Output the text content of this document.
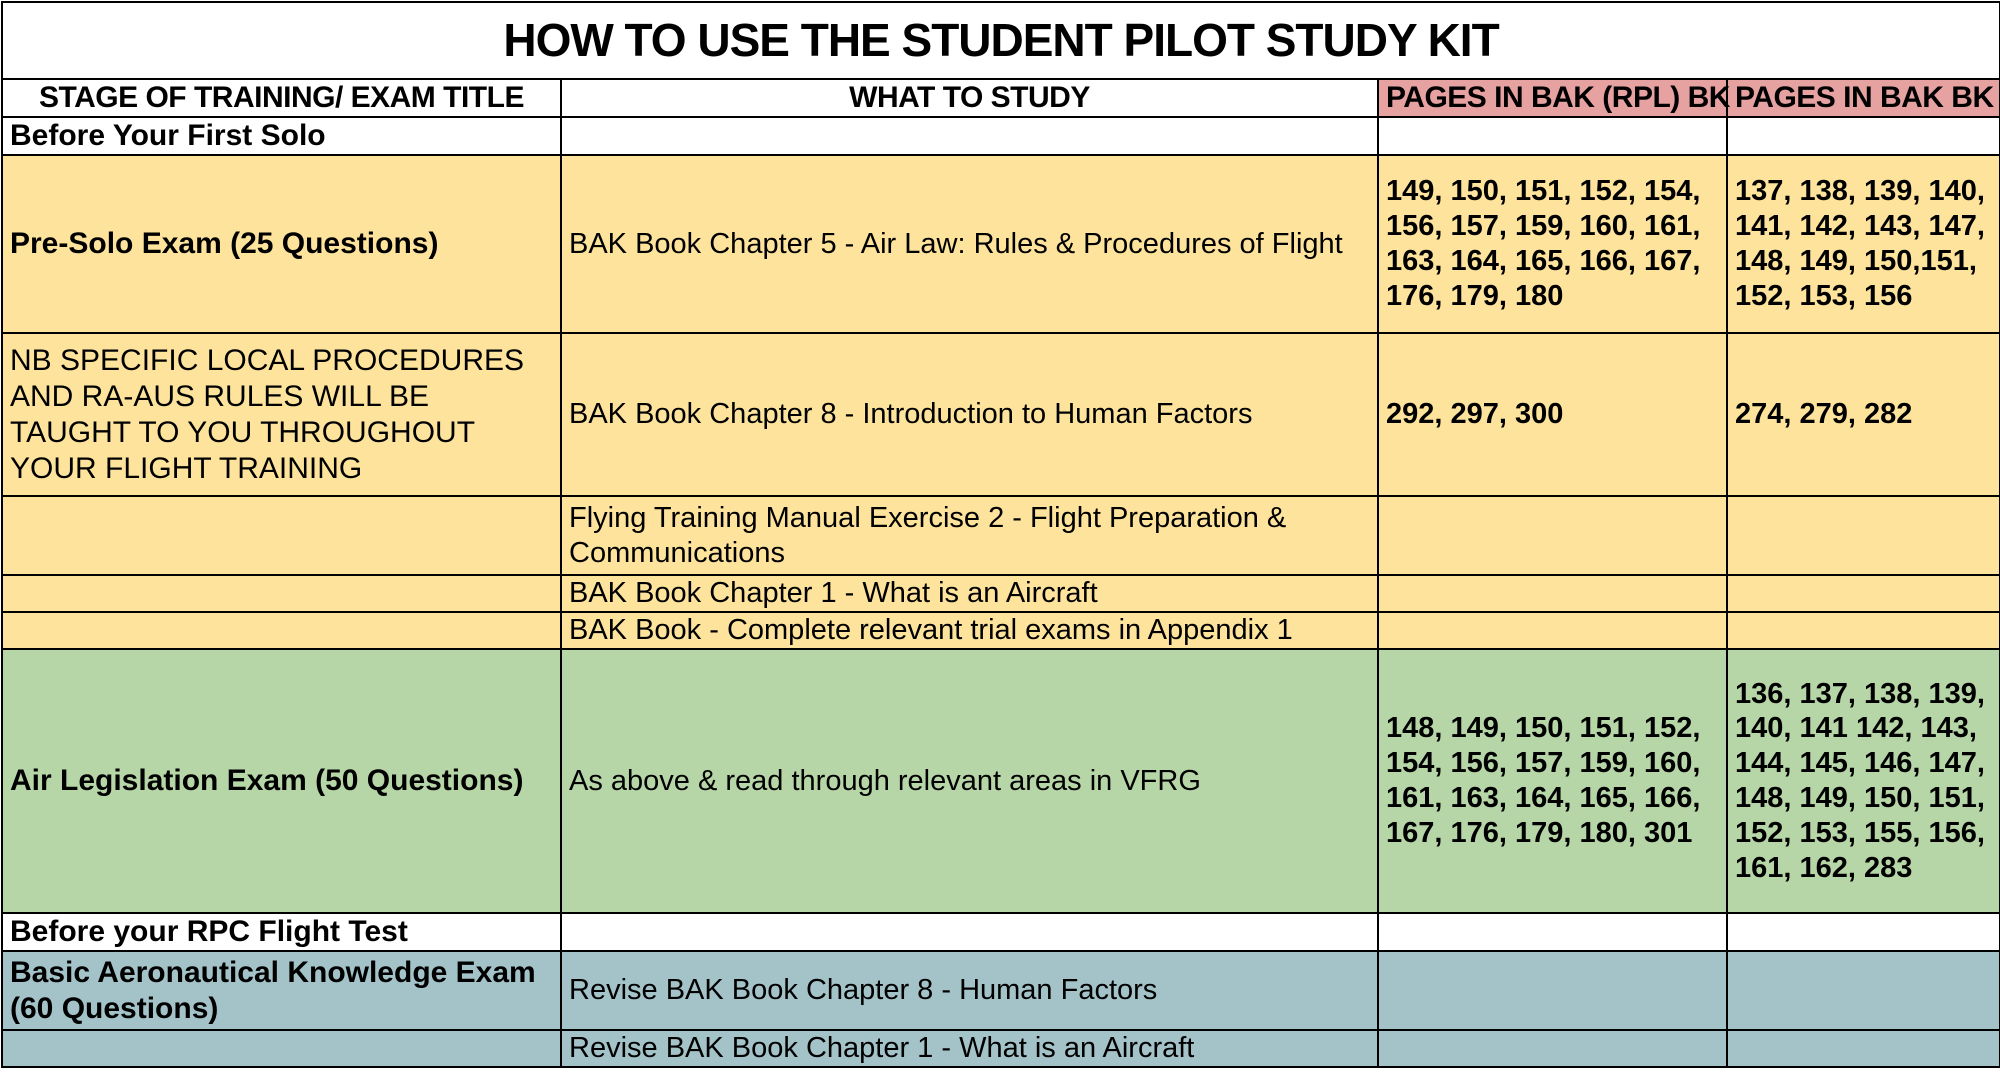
HOW TO USE THE STUDENT PILOT STUDY KIT			
STAGE OF TRAINING/ EXAM TITLE	WHAT TO STUDY	PAGES IN BAK (RPL) BK	PAGES IN BAK BK
Before Your First Solo			
Pre-Solo Exam (25 Questions)	BAK Book Chapter 5 - Air Law: Rules & Procedures of Flight	149, 150, 151, 152, 154, 156, 157, 159, 160, 161, 163, 164, 165, 166, 167, 176, 179, 180	137, 138, 139, 140, 141, 142, 143, 147, 148, 149, 150,151, 152, 153, 156
NB SPECIFIC LOCAL PROCEDURES AND RA-AUS RULES WILL BE TAUGHT TO YOU THROUGHOUT YOUR FLIGHT TRAINING	BAK Book Chapter 8 - Introduction to Human Factors	292, 297, 300	274, 279, 282
	Flying Training Manual Exercise 2 - Flight Preparation & Communications		
	BAK Book Chapter 1 - What is an Aircraft		
	BAK Book - Complete relevant trial exams in Appendix 1		
Air Legislation Exam (50 Questions)	As above & read through relevant areas in VFRG	148, 149, 150, 151, 152, 154, 156, 157, 159, 160, 161, 163, 164, 165, 166, 167, 176, 179, 180, 301	136, 137, 138, 139, 140, 141 142, 143, 144, 145, 146, 147, 148, 149, 150, 151, 152, 153, 155, 156, 161, 162, 283
Before your RPC Flight Test			
Basic Aeronautical Knowledge Exam (60 Questions)	Revise BAK Book Chapter 8 - Human Factors		
	Revise BAK Book Chapter 1 - What is an Aircraft		
